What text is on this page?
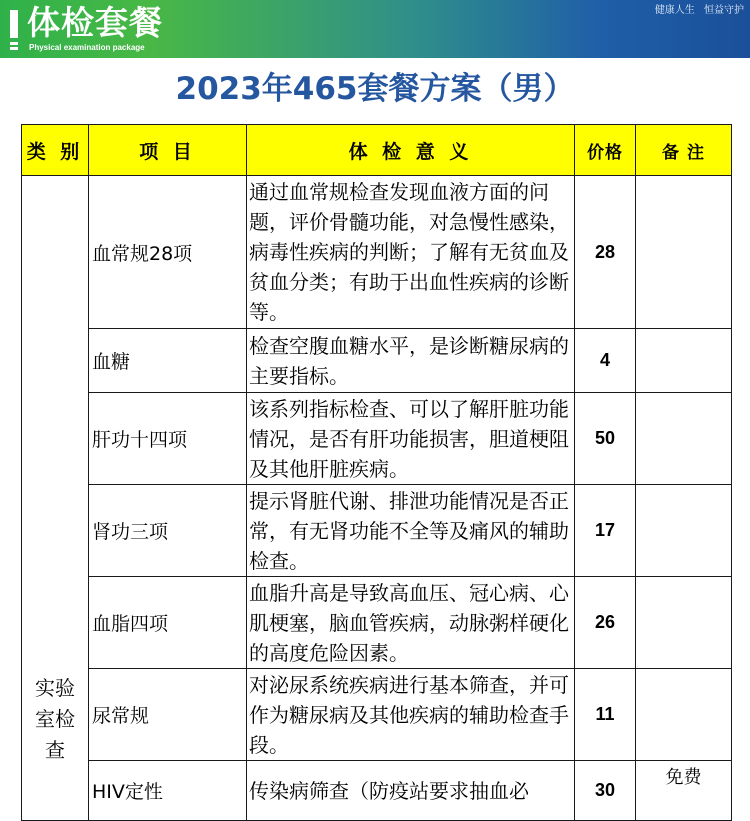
体检套餐
Physical examination package
健康人生 恒益守护
2023年465套餐方案（男）
类 别	项 目	体 检 意 义	价格	备 注
实验室检查	血常规28项	通过血常规检查发现血液方面的问题，评价骨髓功能，对急慢性感染，病毒性疾病的判断；了解有无贫血及贫血分类；有助于出血性疾病的诊断等。	28	
	血糖	检查空腹血糖水平，是诊断糖尿病的主要指标。	4	
	肝功十四项	该系列指标检查、可以了解肝脏功能情况，是否有肝功能损害，胆道梗阻及其他肝脏疾病。	50	
	肾功三项	提示肾脏代谢、排泄功能情况是否正常，有无肾功能不全等及痛风的辅助检查。	17	
	血脂四项	血脂升高是导致高血压、冠心病、心肌梗塞，脑血管疾病，动脉粥样硬化的高度危险因素。	26	
	尿常规	对泌尿系统疾病进行基本筛查，并可作为糖尿病及其他疾病的辅助检查手段。	11	
	HIV定性	传染病筛查（防疫站要求抽血必	30	免费
